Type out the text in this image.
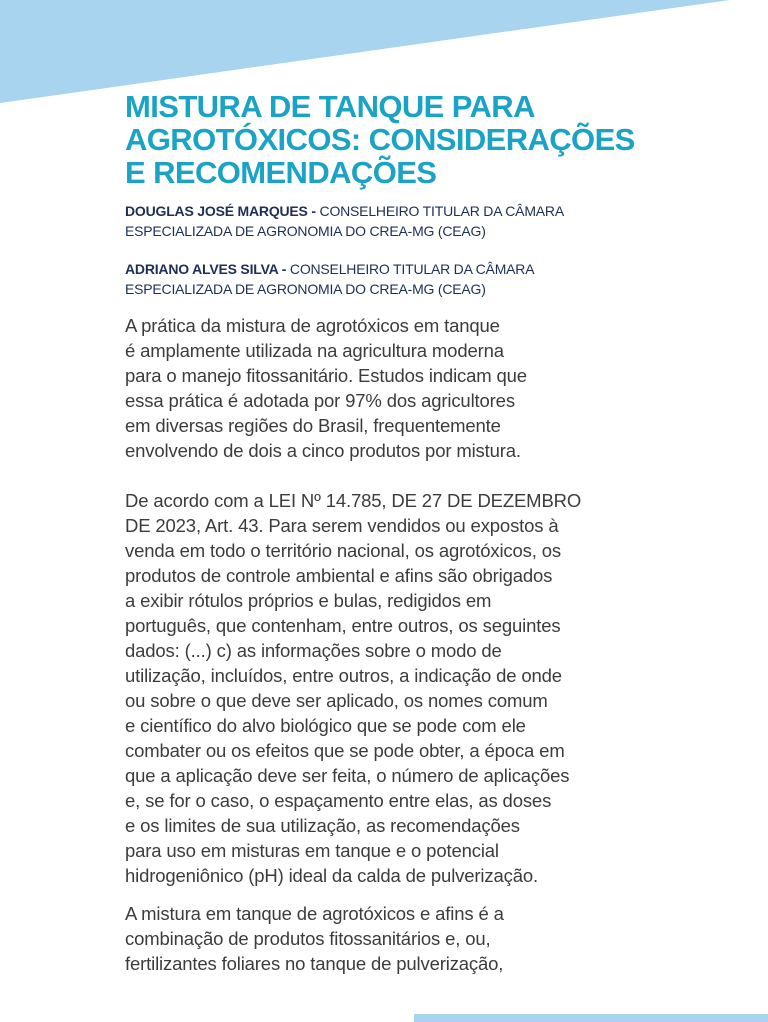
MISTURA DE TANQUE PARA
AGROTÓXICOS: CONSIDERAÇÕES
E RECOMENDAÇÕES

DOUGLAS JOSÉ MARQUES - CONSELHEIRO TITULAR DA CÂMARA
ESPECIALIZADA DE AGRONOMIA DO CREA-MG (CEAG)

ADRIANO ALVES SILVA - CONSELHEIRO TITULAR DA CÂMARA
ESPECIALIZADA DE AGRONOMIA DO CREA-MG (CEAG)

A prática da mistura de agrotóxicos em tanque
é amplamente utilizada na agricultura moderna
para o manejo fitossanitário. Estudos indicam que
essa prática é adotada por 97% dos agricultores
em diversas regiões do Brasil, frequentemente
envolvendo de dois a cinco produtos por mistura.

De acordo com a LEI Nº 14.785, DE 27 DE DEZEMBRO
DE 2023, Art. 43. Para serem vendidos ou expostos à
venda em todo o território nacional, os agrotóxicos, os
produtos de controle ambiental e afins são obrigados
a exibir rótulos próprios e bulas, redigidos em
português, que contenham, entre outros, os seguintes
dados: (...) c) as informações sobre o modo de
utilização, incluídos, entre outros, a indicação de onde
ou sobre o que deve ser aplicado, os nomes comum
e científico do alvo biológico que se pode com ele
combater ou os efeitos que se pode obter, a época em
que a aplicação deve ser feita, o número de aplicações
e, se for o caso, o espaçamento entre elas, as doses
e os limites de sua utilização, as recomendações
para uso em misturas em tanque e o potencial
hidrogeniônico (pH) ideal da calda de pulverização.

A mistura em tanque de agrotóxicos e afins é a
combinação de produtos fitossanitários e, ou,
fertilizantes foliares no tanque de pulverização,
